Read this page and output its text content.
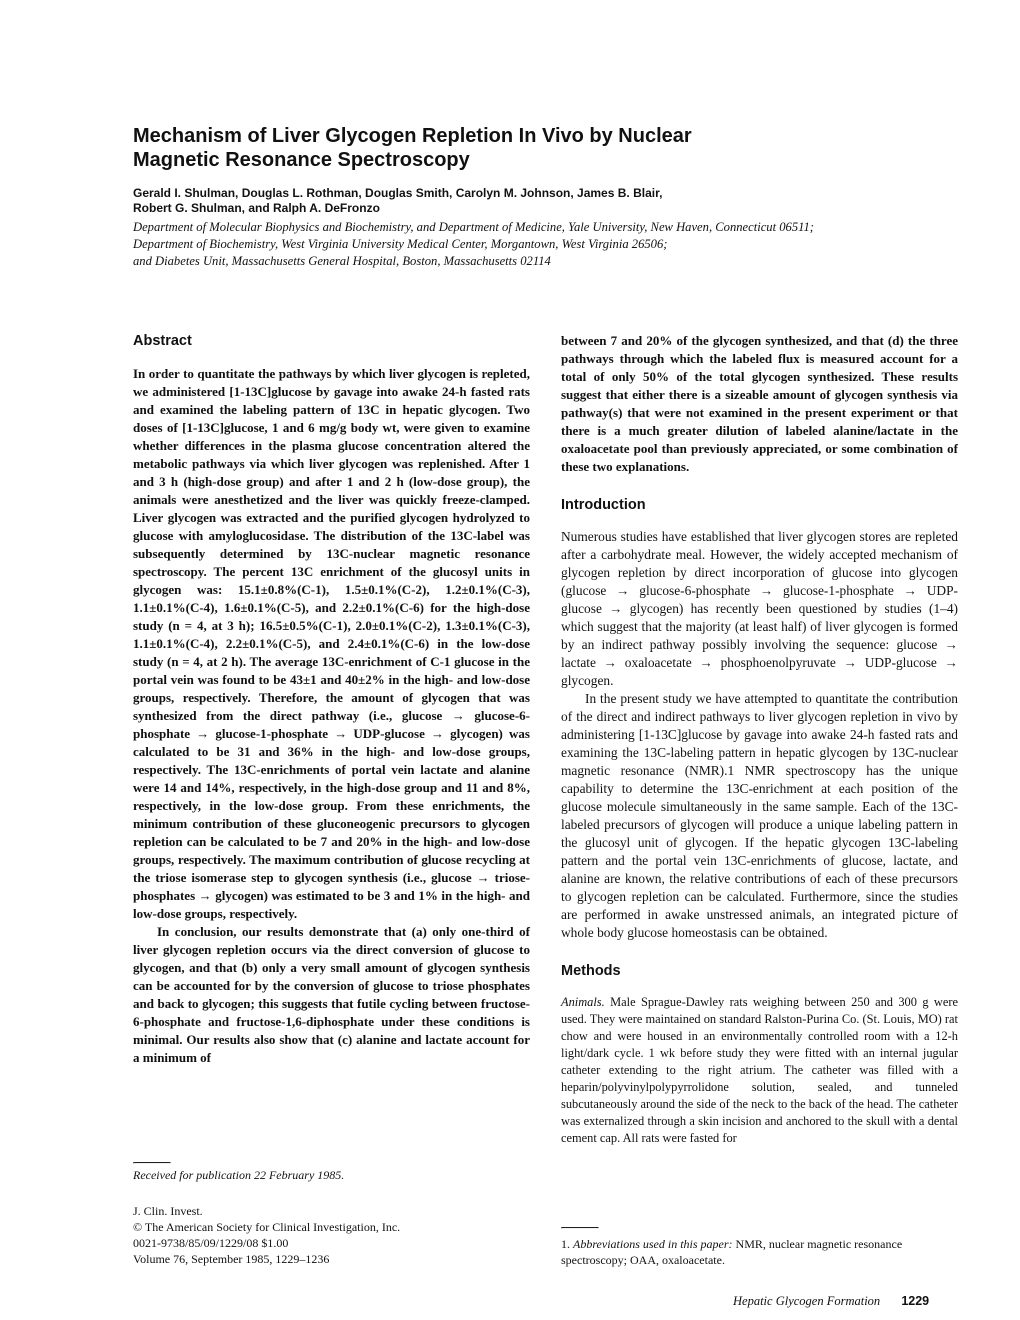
Mechanism of Liver Glycogen Repletion In Vivo by Nuclear
Magnetic Resonance Spectroscopy
Gerald I. Shulman, Douglas L. Rothman, Douglas Smith, Carolyn M. Johnson, James B. Blair,
Robert G. Shulman, and Ralph A. DeFronzo
Department of Molecular Biophysics and Biochemistry, and Department of Medicine, Yale University, New Haven, Connecticut 06511;
Department of Biochemistry, West Virginia University Medical Center, Morgantown, West Virginia 26506;
and Diabetes Unit, Massachusetts General Hospital, Boston, Massachusetts 02114
Abstract

In order to quantitate the pathways by which liver glycogen is repleted, we administered [1-13C]glucose by gavage into awake 24-h fasted rats and examined the labeling pattern of 13C in hepatic glycogen. Two doses of [1-13C]glucose, 1 and 6 mg/g body wt, were given to examine whether differences in the plasma glucose concentration altered the metabolic pathways via which liver glycogen was replenished. After 1 and 3 h (high-dose group) and after 1 and 2 h (low-dose group), the animals were anesthetized and the liver was quickly freeze-clamped. Liver glycogen was extracted and the purified glycogen hydrolyzed to glucose with amyloglucosidase. The distribution of the 13C-label was subsequently determined by 13C-nuclear magnetic resonance spectroscopy. The percent 13C enrichment of the glucosyl units in glycogen was: 15.1±0.8%(C-1), 1.5±0.1%(C-2), 1.2±0.1%(C-3), 1.1±0.1%(C-4), 1.6±0.1%(C-5), and 2.2±0.1%(C-6) for the high-dose study (n = 4, at 3 h); 16.5±0.5%(C-1), 2.0±0.1%(C-2), 1.3±0.1%(C-3), 1.1±0.1%(C-4), 2.2±0.1%(C-5), and 2.4±0.1%(C-6) in the low-dose study (n = 4, at 2 h). The average 13C-enrichment of C-1 glucose in the portal vein was found to be 43±1 and 40±2% in the high- and low-dose groups, respectively. Therefore, the amount of glycogen that was synthesized from the direct pathway (i.e., glucose → glucose-6-phosphate → glucose-1-phosphate → UDP-glucose → glycogen) was calculated to be 31 and 36% in the high- and low-dose groups, respectively. The 13C-enrichments of portal vein lactate and alanine were 14 and 14%, respectively, in the high-dose group and 11 and 8%, respectively, in the low-dose group. From these enrichments, the minimum contribution of these gluconeogenic precursors to glycogen repletion can be calculated to be 7 and 20% in the high- and low-dose groups, respectively. The maximum contribution of glucose recycling at the triose isomerase step to glycogen synthesis (i.e., glucose → triose-phosphates → glycogen) was estimated to be 3 and 1% in the high- and low-dose groups, respectively.

In conclusion, our results demonstrate that (a) only one-third of liver glycogen repletion occurs via the direct conversion of glucose to glycogen, and that (b) only a very small amount of glycogen synthesis can be accounted for by the conversion of glucose to triose phosphates and back to glycogen; this suggests that futile cycling between fructose-6-phosphate and fructose-1,6-diphosphate under these conditions is minimal. Our results also show that (c) alanine and lactate account for a minimum of

between 7 and 20% of the glycogen synthesized, and that (d) the three pathways through which the labeled flux is measured account for a total of only 50% of the total glycogen synthesized. These results suggest that either there is a sizeable amount of glycogen synthesis via pathway(s) that were not examined in the present experiment or that there is a much greater dilution of labeled alanine/lactate in the oxaloacetate pool than previously appreciated, or some combination of these two explanations.

Introduction

Numerous studies have established that liver glycogen stores are repleted after a carbohydrate meal. However, the widely accepted mechanism of glycogen repletion by direct incorporation of glucose into glycogen (glucose → glucose-6-phosphate → glucose-1-phosphate → UDP-glucose → glycogen) has recently been questioned by studies (1–4) which suggest that the majority (at least half) of liver glycogen is formed by an indirect pathway possibly involving the sequence: glucose → lactate → oxaloacetate → phosphoenolpyruvate → UDP-glucose → glycogen.

In the present study we have attempted to quantitate the contribution of the direct and indirect pathways to liver glycogen repletion in vivo by administering [1-13C]glucose by gavage into awake 24-h fasted rats and examining the 13C-labeling pattern in hepatic glycogen by 13C-nuclear magnetic resonance (NMR).1 NMR spectroscopy has the unique capability to determine the 13C-enrichment at each position of the glucose molecule simultaneously in the same sample. Each of the 13C-labeled precursors of glycogen will produce a unique labeling pattern in the glucosyl unit of glycogen. If the hepatic glycogen 13C-labeling pattern and the portal vein 13C-enrichments of glucose, lactate, and alanine are known, the relative contributions of each of these precursors to glycogen repletion can be calculated. Furthermore, since the studies are performed in awake unstressed animals, an integrated picture of whole body glucose homeostasis can be obtained.

Methods

Animals. Male Sprague-Dawley rats weighing between 250 and 300 g were used. They were maintained on standard Ralston-Purina Co. (St. Louis, MO) rat chow and were housed in an environmentally controlled room with a 12-h light/dark cycle. 1 wk before study they were fitted with an internal jugular catheter extending to the right atrium. The catheter was filled with a heparin/polyvinylpolypyrrolidone solution, sealed, and tunneled subcutaneously around the side of the neck to the back of the head. The catheter was externalized through a skin incision and anchored to the skull with a dental cement cap. All rats were fasted for

Received for publication 22 February 1985.
J. Clin. Invest.
© The American Society for Clinical Investigation, Inc.
0021-9738/85/09/1229/08 $1.00
Volume 76, September 1985, 1229–1236
1. Abbreviations used in this paper: NMR, nuclear magnetic resonance spectroscopy; OAA, oxaloacetate.
Hepatic Glycogen Formation 1229
